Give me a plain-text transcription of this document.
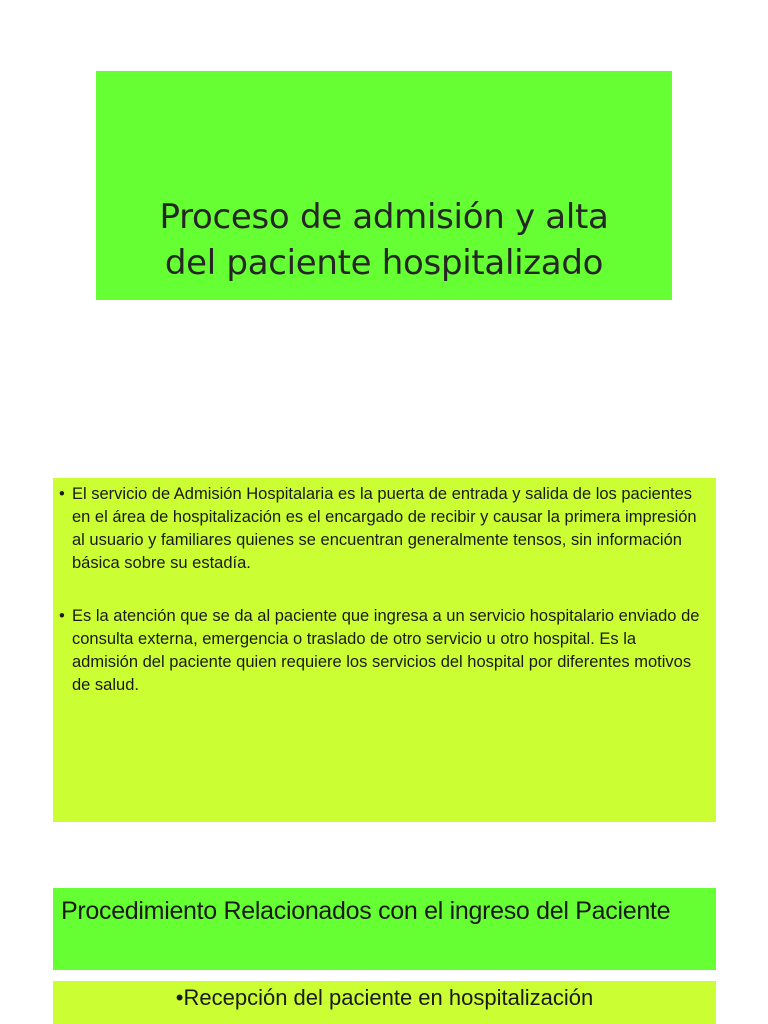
Proceso de admisión y alta
del paciente hospitalizado
• El servicio de Admisión Hospitalaria es la puerta de entrada y salida de los pacientes en el área de hospitalización es el encargado de recibir y causar la primera impresión al usuario y familiares quienes se encuentran generalmente tensos, sin información básica sobre su estadía.
• Es la atención que se da al paciente que ingresa a un servicio hospitalario enviado de consulta externa, emergencia o traslado de otro servicio u otro hospital. Es la admisión del paciente quien requiere los servicios del hospital por diferentes motivos de salud.
Procedimiento Relacionados con el ingreso del Paciente
•Recepción del paciente en hospitalización
